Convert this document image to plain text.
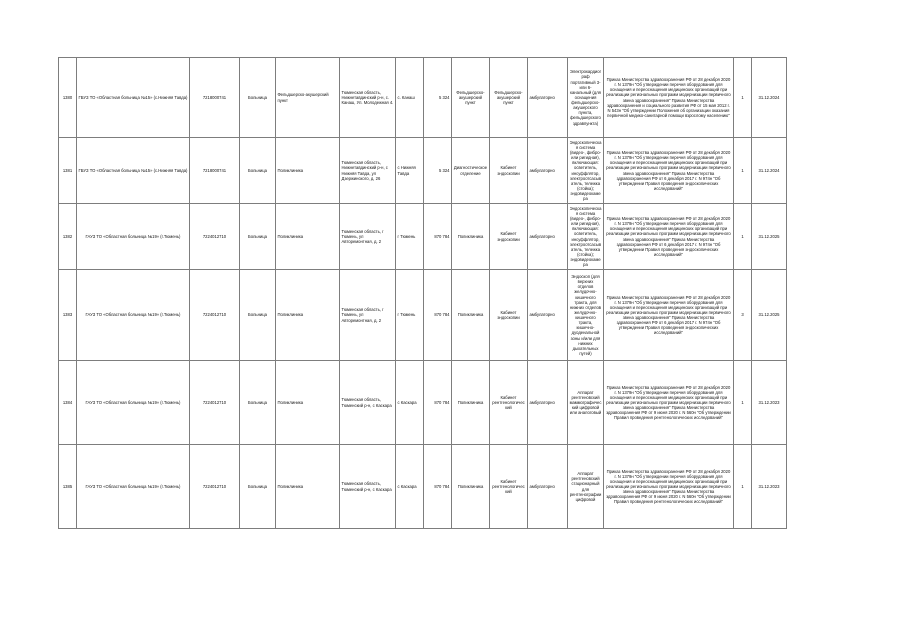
1380	ГБУЗ ТО «Областная больница №15» (с.Нижняя Тавда)	7218000741	Больница	Фельдшерско-акушерский пункт	Тюменская область, Нижнетавдинский р-н, с. Канаш, Ул. Молодежная 4.	с. Канаш	5 324	Фельдшерско-акушерский пункт	Фельдшерско-акушерский пункт	амбулаторно	Электрокардиограф портативный 3- или 6-канальный (для оснащения фельдшерско-акушерского пункта, фельдшерского здравпункта)	Приказ Министерства здравоохранения РФ от 28 декабря 2020 г. N 1379н "Об утверждении перечня оборудования для оснащения и переоснащения медицинских организаций при реализации региональных программ модернизации первичного звена здравоохранения" Приказ Министерства здравоохранения и социального развития РФ от 15 мая 2012 г. N 543н "Об утверждении Положения об организации оказания первичной медико-санитарной помощи взрослому населению"	1	31.12.2024
1381	ГБУЗ ТО «Областная больница №15» (с.Нижняя Тавда)	7218000741	Больница	Поликлиника	Тюменская область, Нижнетавдинский р-н, с Нижняя Тавда, ул Дзержинского, д. 26	с Нижняя Тавда	5 324	Диагностическое отделение	Кабинет эндоскопии	амбулаторно	Эндоскопическая система (видео-, фибро- или ригидная), включающая: осветитель, инсуффлятор, электроотсасыватель, тележка (стойка); эндовидеокамера	Приказ Министерства здравоохранения РФ от 28 декабря 2020 г. N 1379н "Об утверждении перечня оборудования для оснащения и переоснащения медицинских организаций при реализации региональных программ модернизации первичного звена здравоохранения" Приказ Министерства здравоохранения РФ от 6 декабря 2017 г. N 974н "Об утверждении Правил проведения эндоскопических исследований"	1	31.12.2024
1382	ГАУЗ ТО «Областная больница №19» (г.Тюмень)	7224012710	Больница	Поликлиника	Тюменская область, г Тюмень, ул Авторемонтная, д. 2	г Тюмень	870 784	Поликлиника	Кабинет эндоскопии	амбулаторно	Эндоскопическая система (видео-, фибро- или ригидная), включающая: осветитель, инсуффлятор, электроотсасыватель, тележка (стойка); эндовидеокамера	Приказ Министерства здравоохранения РФ от 28 декабря 2020 г. N 1379н "Об утверждении перечня оборудования для оснащения и переоснащения медицинских организаций при реализации региональных программ модернизации первичного звена здравоохранения" Приказ Министерства здравоохранения РФ от 6 декабря 2017 г. N 974н "Об утверждении Правил проведения эндоскопических исследований"	1	31.12.2025
1383	ГАУЗ ТО «Областная больница №19» (г.Тюмень)	7224012710	Больница	Поликлиника	Тюменская область, г Тюмень, ул Авторемонтная, д. 2	г Тюмень	870 784	Поликлиника	Кабинет эндоскопии	амбулаторно	Эндоскоп (для верхних отделов желудочно-кишечного тракта, для нижних отделов желудочно-кишечного тракта, кишечно-дуоденальной зоны и/или для нижних дыхательных путей)	Приказ Министерства здравоохранения РФ от 28 декабря 2020 г. N 1379н "Об утверждении перечня оборудования для оснащения и переоснащения медицинских организаций при реализации региональных программ модернизации первичного звена здравоохранения" Приказ Министерства здравоохранения РФ от 6 декабря 2017 г. N 974н "Об утверждении Правил проведения эндоскопических исследований"	3	31.12.2025
1384	ГАУЗ ТО «Областная больница №19» (г.Тюмень)	7224012710	Больница	Поликлиника	Тюменская область, Тюменский р-н, с Каскара	с Каскара	870 784	Поликлиника	Кабинет рентгенологический	амбулаторно	Аппарат рентгеновский маммографический цифровой или аналоговый	Приказ Министерства здравоохранения РФ от 28 декабря 2020 г. N 1379н "Об утверждении перечня оборудования для оснащения и переоснащения медицинских организаций при реализации региональных программ модернизации первичного звена здравоохранения" Приказ Министерства здравоохранения РФ от 9 июня 2020 г. N 560н "Об утверждении Правил проведения рентгенологических исследований"	1	31.12.2023
1385	ГАУЗ ТО «Областная больница №19» (г.Тюмень)	7224012710	Больница	Поликлиника	Тюменская область, Тюменский р-н, с Каскара	с Каскара	870 784	Поликлиника	Кабинет рентгенологический	амбулаторно	Аппарат рентгеновский стационарный для рентгенографии цифровой	Приказ Министерства здравоохранения РФ от 28 декабря 2020 г. N 1379н "Об утверждении перечня оборудования для оснащения и переоснащения медицинских организаций при реализации региональных программ модернизации первичного звена здравоохранения" Приказ Министерства здравоохранения РФ от 9 июня 2020 г. N 560н "Об утверждении Правил проведения рентгенологических исследований"	1	31.12.2023
